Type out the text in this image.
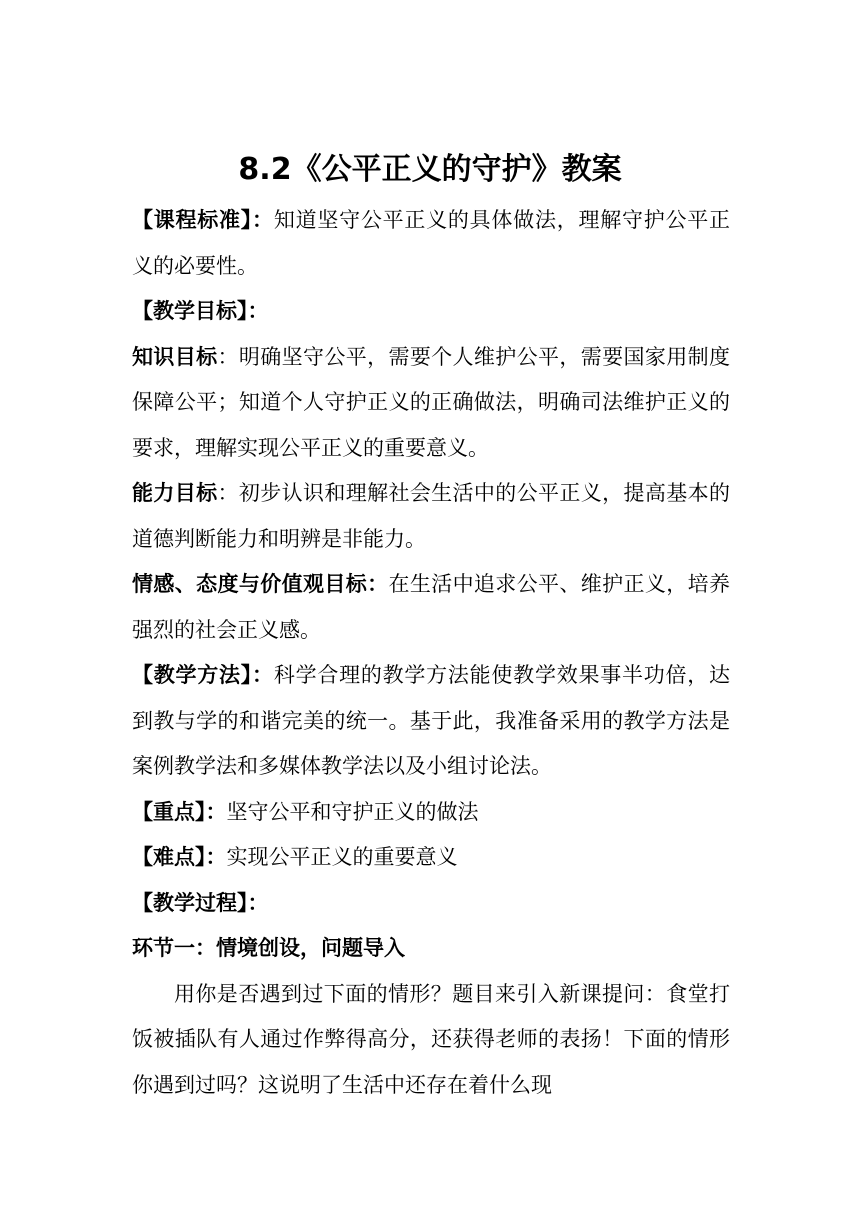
8.2《公平正义的守护》教案

【课程标准】：知道坚守公平正义的具体做法，理解守护公平正义的必要性。

【教学目标】：

知识目标：明确坚守公平，需要个人维护公平，需要国家用制度保障公平；知道个人守护正义的正确做法，明确司法维护正义的要求，理解实现公平正义的重要意义。

能力目标：初步认识和理解社会生活中的公平正义，提高基本的道德判断能力和明辨是非能力。

情感、态度与价值观目标：在生活中追求公平、维护正义，培养强烈的社会正义感。

【教学方法】：科学合理的教学方法能使教学效果事半功倍，达到教与学的和谐完美的统一。基于此，我准备采用的教学方法是案例教学法和多媒体教学法以及小组讨论法。

【重点】：坚守公平和守护正义的做法

【难点】：实现公平正义的重要意义

【教学过程】：

环节一：情境创设，问题导入

用你是否遇到过下面的情形？题目来引入新课提问：食堂打饭被插队有人通过作弊得高分，还获得老师的表扬！下面的情形你遇到过吗？这说明了生活中还存在着什么现
